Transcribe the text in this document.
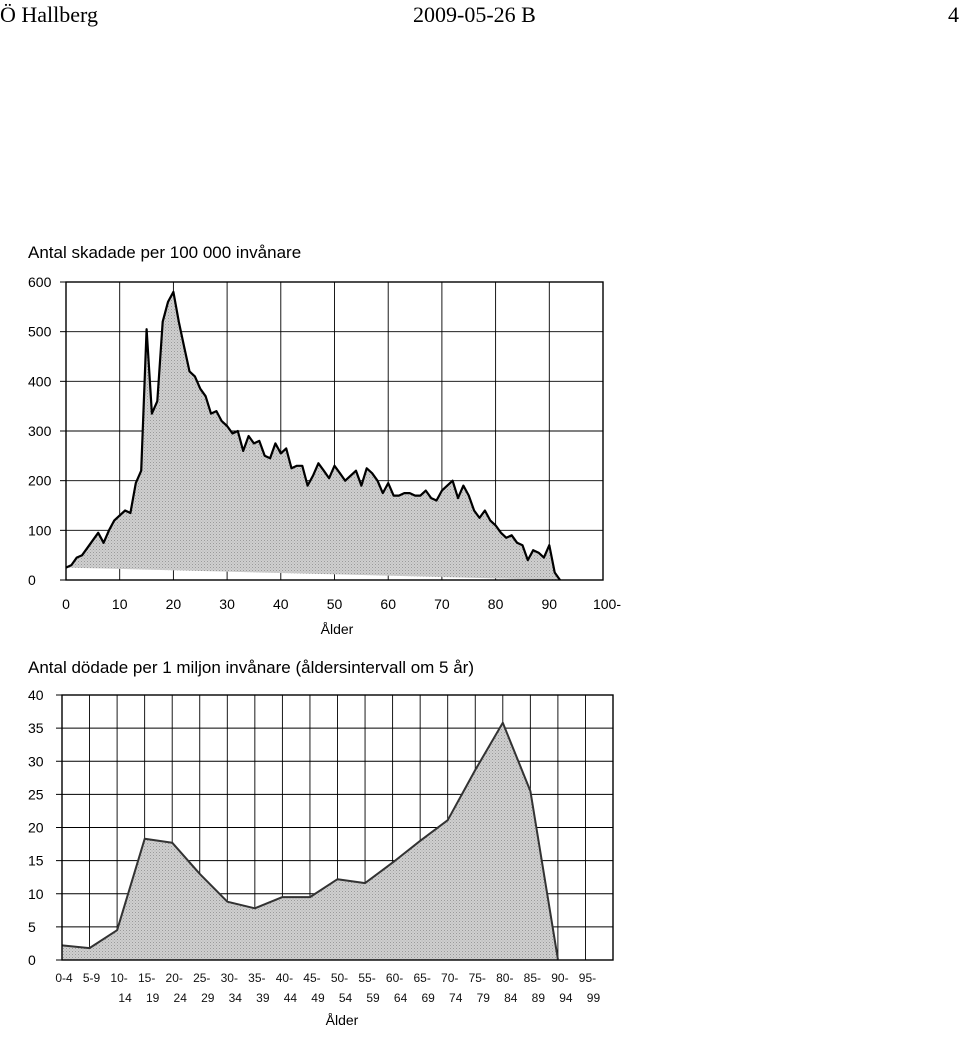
Ö Hallberg	2009-05-26 B	4
Antal skadade per 100 000 invånare
0
100
200
300
400
500
600
0	10	20	30	40	50	60	70	80	90	100-
Ålder
Antal dödade per 1 miljon invånare (åldersintervall om 5 år)
0
5
10
15
20
25
30
35
40
0-4 5-9 10-
14
15-
19
20-
24
25-
29
30-
34
35-
39
40-
44
45-
49
50-
54
55-
59
60-
64
65-
69
70-
74
75-
79
80-
84
85-
89
90-
94
95-
99
Ålder
